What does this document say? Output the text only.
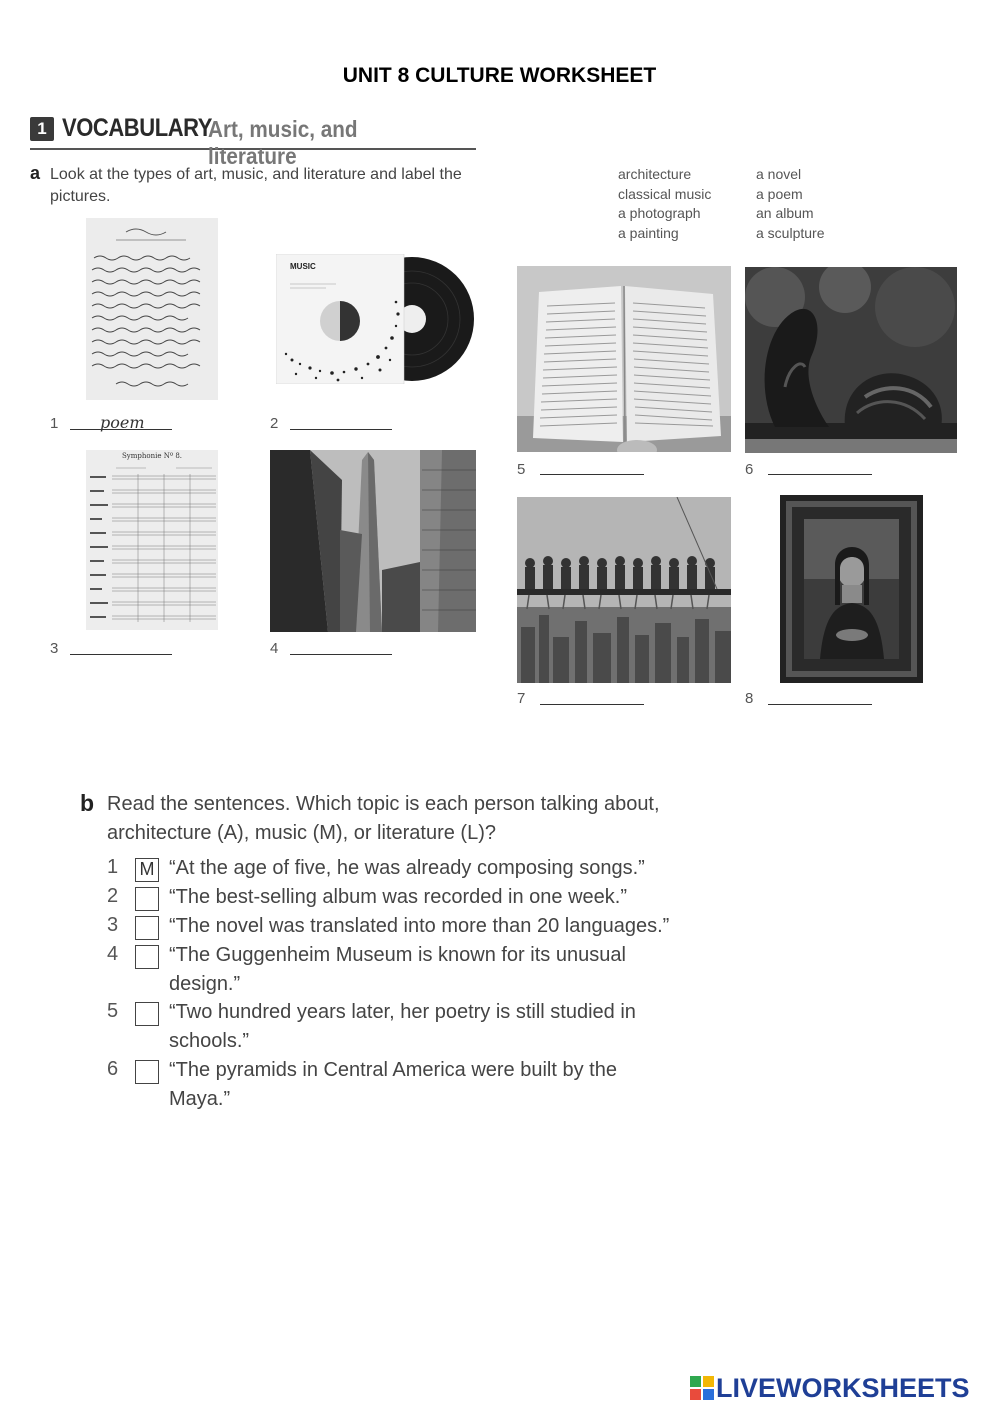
UNIT 8 CULTURE WORKSHEET
1 VOCABULARY
Art, music, and literature
a Look at the types of art, music, and literature and label the pictures.
architecture
classical music
a photograph
a painting
a novel
a poem
an album
a sculpture
1	poem
MUSIC
2
Symphonie Nº 8.
3	4
5	6
7	8
b Read the sentences. Which topic is each person talking about, architecture (A), music (M), or literature (L)?
1 M “At the age of five, he was already composing songs.”
2	“The best-selling album was recorded in one week.”
3	“The novel was translated into more than 20 languages.”
4	“The Guggenheim Museum is known for its unusual design.”
5	“Two hundred years later, her poetry is still studied in schools.”
6	“The pyramids in Central America were built by the Maya.”
LIVEWORKSHEETS
